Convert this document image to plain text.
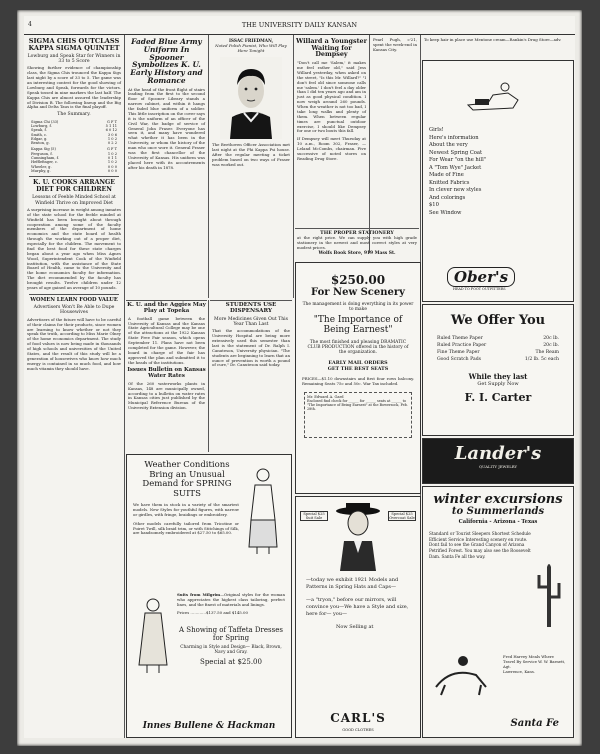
4	THE UNIVERSITY DAILY KANSAN
SIGMA CHIS OUTCLASS KAPPA SIGMA QUINTET
Lowburg and Speak Star for Winners in 33 to 5 Score
Showing further evidence of championship class, the Sigma Chis trounced the Kappa Sigs last night by a score of 33 to 5. The game was an interesting contest for the good showing of Lowburg and Speak, forwards for the victors. Speak tossed in nine markers the last half. The Kappa Chis are almost assured the leadership of Division B. The following lineup and the Big Alpha and Delta Taus is the final playoff.
The Summary.
Sigma Chi (33)	G F T
Lowburg, f.	5 1 11
Speak, f.	6 0 12
Smith, c.	3 0 6
Edgar, g.	1 0 2
Benton, g.	0 2 2
Kappa Sig (5)	G F T
Ferguson, f.	1 0 2
Cunningham, f.	0 1 1
Hefflefinger, c.	1 0 2
Wheeler, g.	0 0 0
Murphy, g.	0 0 0
K. U. COOKS ARRANGE DIET FOR CHILDREN
Lessons of Feeble Minded School at Winfield Thrive on Improved Diet
A surprising increase in weight among inmates of the state school for the feeble minded at Winfield has been brought about through cooperation among some of the faculty members of the department of home economics and the state board of health through the working out of a proper diet, especially for the children. The movement to find the best food for these state charges began about a year ago when Miss Agnes Wood, Superintendent Cook of the Winfield institution, with the assistance of the State Board of Health, came to the University and the home economics faculty for information. The diet recommended by the faculty has brought results. Twelve children under 12 years of age gained an average of 10 pounds.
WOMEN LEARN FOOD VALUE
Advertisers Won't Be Able to Dupe Housewives
Advertisers of the future will have to be careful of their claims for their products, since women are learning to know whether or not they speak the truth, according to Miss Marie Olney of the home economics department. The study of food values is now being made in thousands of high schools and universities of the United States, and the result of this study will be a generation of housewives who know how much energy is contained in so much food, and how much vitamin they should have.
Faded Blue Army Uniform In Spooner Symbolizes K. U. Early History and Romance
At the head of the front flight of stairs leading from the first to the second floor of Spooner Library stands a narrow cabinet, and within it hangs the faded blue uniform of a soldier. This little inscription on the cover says it is the uniform of an officer of the Civil War, the badge of service of General John Fraser. Everyone has seen it, and many have wondered what whether it has been in the University, or whom the history of the man who once wore it. General Fraser was the first chancellor of the University of Kansas. His uniform was placed here with its accoutrements after his death in 1878.
ISSAC FRIEDMAN,
Noted Polish Pianist, Who Will Play Here Tonight
The Beethoven Officer Association met last night at the Phi Kappa Psi house. After the regular meeting a ticket problem based on two ways of Fraser was worked out.
Willard a Youngster Waiting for Dempsey
"Don't call me 'Salem,' it makes me feel rather old," said Jess Willard yesterday, when asked on the street, "Is this Mr. Willard?" "I don't feel old since someone calls me 'salem.' I don't feel a day older than I did ten years ago and am in just as good physical condition. I now weigh around 260 pounds. When the weather is not too bad, I take long walks and plenty of them. When between regular times are punctual outdoor exercise, I should like Dempsey for one or two bouts this fall.
If Dempsey will meet Thursday at 10 a.m., Room 302, Fraser, — Leland McCombs, chairman. Five successive of noted stores on Reading Drug Store.
Pearl Pugh, c'21, spent the week-end in Kansas City.
To keep hair in place use Mentone cream—Rankin's Drug Store—adv.
Girls!
Here's information
About the very
Newest Spring Coat
For Wear "on the hill"
A "Tom Wye" Jacket
Made of Fine
Knitted Fabrics
In clever new styles
And colorings
$10
See Window
Ober's
HEAD TO FOOT OUTFITTERS
THE PROPER STATIONERY
at the right price. We can supply you with high grade stationery in the newest and most correct styles at very modest prices.
Wolfs Book Store, 919 Mass St.
$250.00
For New Scenery
The management is doing everything in its power to make
"The Importance of Being Earnest"
The most finished and pleasing DRAMATIC CLUB PRODUCTION offered in the history of the organization.
EARLY MAIL ORDERS
GET THE BEST SEATS
PRICES—$1.10 downstairs and first four rows balcony. Remaining Seats 75c and 50c. War Tax included.
Mr. Edward A. Gard
Enclosed find check for ______ for ______ seats at ______ to "The Importance of Being Earnest" at the Bowersock, Feb. 28th.
We Offer You
Ruled Theme Paper	20c lb.
Ruled Practice Paper	20c lb.
Fine Theme Paper	The Ream
Good Scratch Pads	1/2 lb. 5c each
While they last
Get Supply Now
F. I. Carter
Lander's
QUALITY JEWELRY
K. U. and the Aggies May Play at Topeka
A football game between the University of Kansas and the Kansas State Agricultural College may be one of the attractions at the 1922 Kansas State Free Fair season, which opens September 11. Plans have not been completed for the game. However, the board in charge of the fair has approved the plan and submitted it to the heads of the institutions.
Issues Bulletin on Kansas Water Rates
Of the 260 waterworks plants in Kansas, 148 are municipally owned, according to a bulletin on water rates in Kansas cities just published by the Municipal Reference Bureau of the University Extension division.
STUDENTS USE DISPENSARY
More Medicines Given Out This Year Than Last
That the accommodations of the University Hospital are being more extensively used this semester than last is the statement of Dr. Ralph I. Canuteson, University physician. "The students are beginning to learn that an ounce of prevention is worth a pound of cure," Dr. Canuteson said today.
Weather Conditions Bring an Unusual Demand for SPRING SUITS
We have them in stock in a variety of the smartest models. New Styles for youthful figures, with narrow or girdles, with fringe, braidings or embroidery.
Other models carefully tailored from Tricotine or Poiret Twill, silk braid trim, or with Stitchings of Silk, are handsomely embroidered at $27.50 to $65.00.
Suits from Milgrim—Original styles for the woman who appreciates the highest class tailoring, perfect lines, and the finest of materials and linings.
Prices …………$137.50 and $145.00
A Showing of Taffeta Dresses for Spring
Charming in Style and Design— Black, Brown, Navy and Gray.
Special at $25.00
Innes Bullene & Hackman
Special $25 Suit Sale
Special $25 Overcoat Sale
—today we exhibit 1921 Models and Patterns in Spring Hats and Caps—
—a "tryon," before our mirrors, will convince you—We have a Style and size, here for— you—
Now Selling at
CARL'S
GOOD CLOTHES
winter excursions
to Summerlands
California - Arizona - Texas
Standard or Tourist Sleepers Shortest Schedule Efficient Service Interesting scenery en route. Dont fail to see the Grand Canyon of Arizona Petrified Forest. You may also see the Roosevelt Dam. Santa Fe all the way.
Fred Harvey Meals Where Travel By Service W. W. Barnett, Agt.
Lawrence, Kans.
Santa Fe
